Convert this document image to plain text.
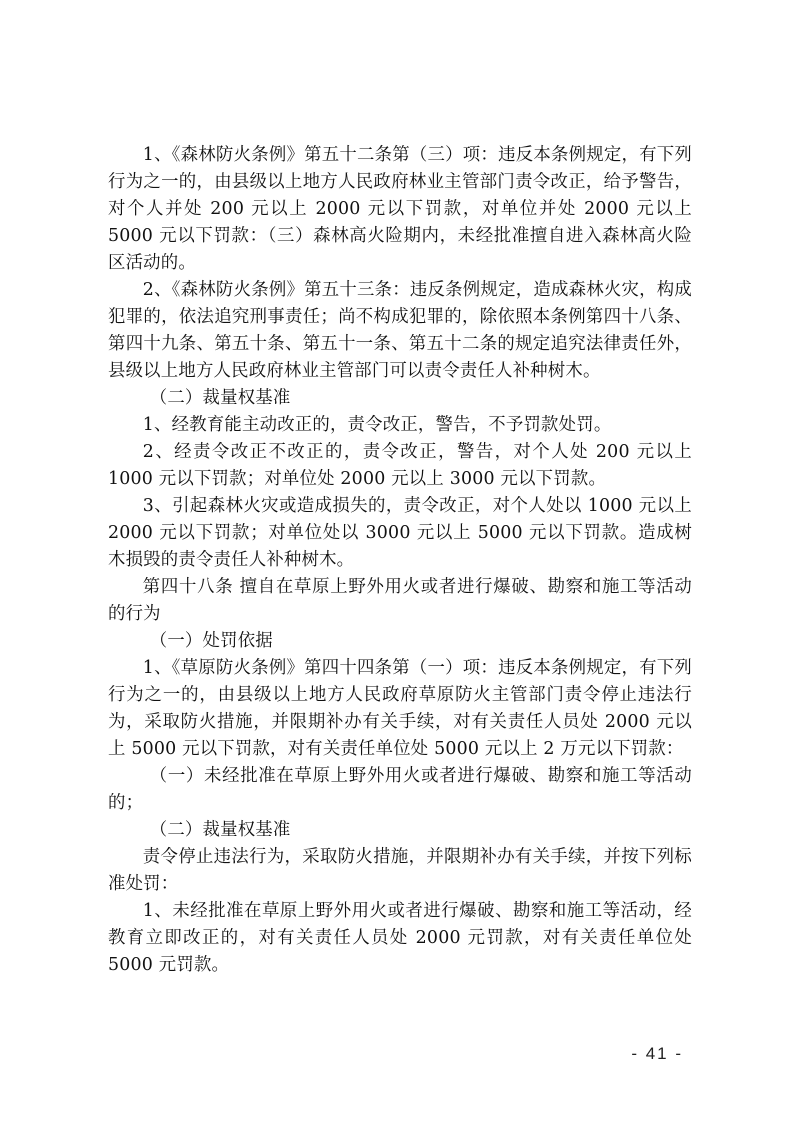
1、《森林防火条例》第五十二条第（三）项：违反本条例规定，有下列行为之一的，由县级以上地方人民政府林业主管部门责令改正，给予警告，对个人并处 200 元以上 2000 元以下罚款，对单位并处 2000 元以上 5000 元以下罚款：（三）森林高火险期内，未经批准擅自进入森林高火险区活动的。

2、《森林防火条例》第五十三条：违反条例规定，造成森林火灾，构成犯罪的，依法追究刑事责任；尚不构成犯罪的，除依照本条例第四十八条、第四十九条、第五十条、第五十一条、第五十二条的规定追究法律责任外，县级以上地方人民政府林业主管部门可以责令责任人补种树木。

（二）裁量权基准

1、经教育能主动改正的，责令改正，警告，不予罚款处罚。

2、经责令改正不改正的，责令改正，警告，对个人处 200 元以上 1000 元以下罚款；对单位处 2000 元以上 3000 元以下罚款。

3、引起森林火灾或造成损失的，责令改正，对个人处以 1000 元以上 2000 元以下罚款；对单位处以 3000 元以上 5000 元以下罚款。造成树木损毁的责令责任人补种树木。

第四十八条 擅自在草原上野外用火或者进行爆破、勘察和施工等活动的行为

（一）处罚依据

1、《草原防火条例》第四十四条第（一）项：违反本条例规定，有下列行为之一的，由县级以上地方人民政府草原防火主管部门责令停止违法行为，采取防火措施，并限期补办有关手续，对有关责任人员处 2000 元以上 5000 元以下罚款，对有关责任单位处 5000 元以上 2 万元以下罚款：

（一）未经批准在草原上野外用火或者进行爆破、勘察和施工等活动的；

（二）裁量权基准

责令停止违法行为，采取防火措施，并限期补办有关手续，并按下列标准处罚：

1、未经批准在草原上野外用火或者进行爆破、勘察和施工等活动，经教育立即改正的，对有关责任人员处 2000 元罚款，对有关责任单位处 5000 元罚款。

- 41 -
